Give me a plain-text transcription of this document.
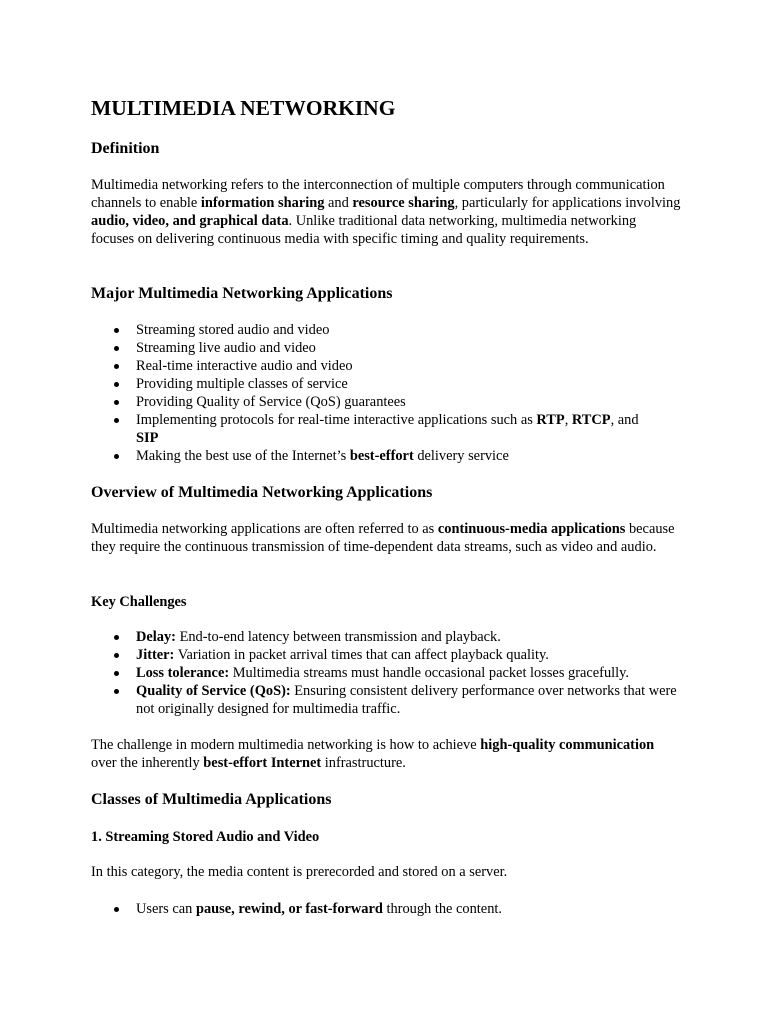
MULTIMEDIA NETWORKING
Definition

Multimedia networking refers to the interconnection of multiple computers through communication channels to enable information sharing and resource sharing, particularly for applications involving audio, video, and graphical data. Unlike traditional data networking, multimedia networking focuses on delivering continuous media with specific timing and quality requirements.

Major Multimedia Networking Applications
Streaming stored audio and video
Streaming live audio and video
Real-time interactive audio and video
Providing multiple classes of service
Providing Quality of Service (QoS) guarantees
Implementing protocols for real-time interactive applications such as RTP, RTCP, and
SIP
Making the best use of the Internet’s best-effort delivery service
Overview of Multimedia Networking Applications

Multimedia networking applications are often referred to as continuous-media applications because they require the continuous transmission of time-dependent data streams, such as video and audio.

Key Challenges
Delay: End-to-end latency between transmission and playback.
Jitter: Variation in packet arrival times that can affect playback quality.
Loss tolerance: Multimedia streams must handle occasional packet losses gracefully.
Quality of Service (QoS): Ensuring consistent delivery performance over networks that were not originally designed for multimedia traffic.

The challenge in modern multimedia networking is how to achieve high-quality communication over the inherently best-effort Internet infrastructure.

Classes of Multimedia Applications
1. Streaming Stored Audio and Video

In this category, the media content is prerecorded and stored on a server.

Users can pause, rewind, or fast-forward through the content.
